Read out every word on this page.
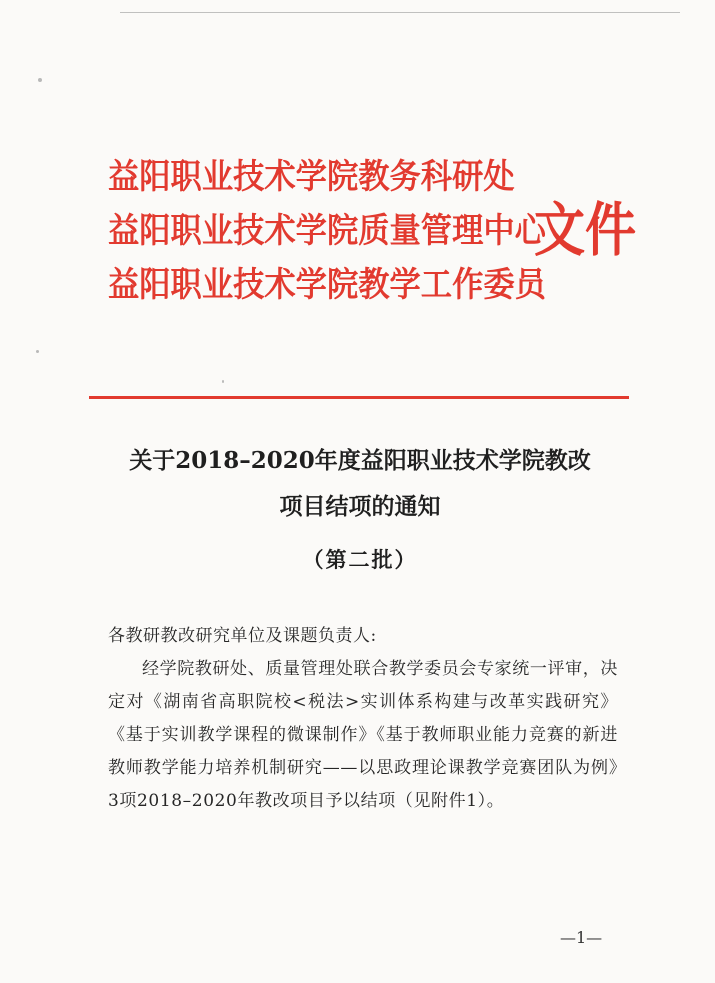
益阳职业技术学院教务科研处
益阳职业技术学院质量管理中心
益阳职业技术学院教学工作委员
文件
关于2018–2020年度益阳职业技术学院教改
项目结项的通知
（第二批）
各教研教改研究单位及课题负责人:
经学院教研处、质量管理处联合教学委员会专家统一评审，决定对《湖南省高职院校<税法>实训体系构建与改革实践研究》《基于实训教学课程的微课制作》《基于教师职业能力竞赛的新进教师教学能力培养机制研究——以思政理论课教学竞赛团队为例》3项2018–2020年教改项目予以结项（见附件1）。
—1—
